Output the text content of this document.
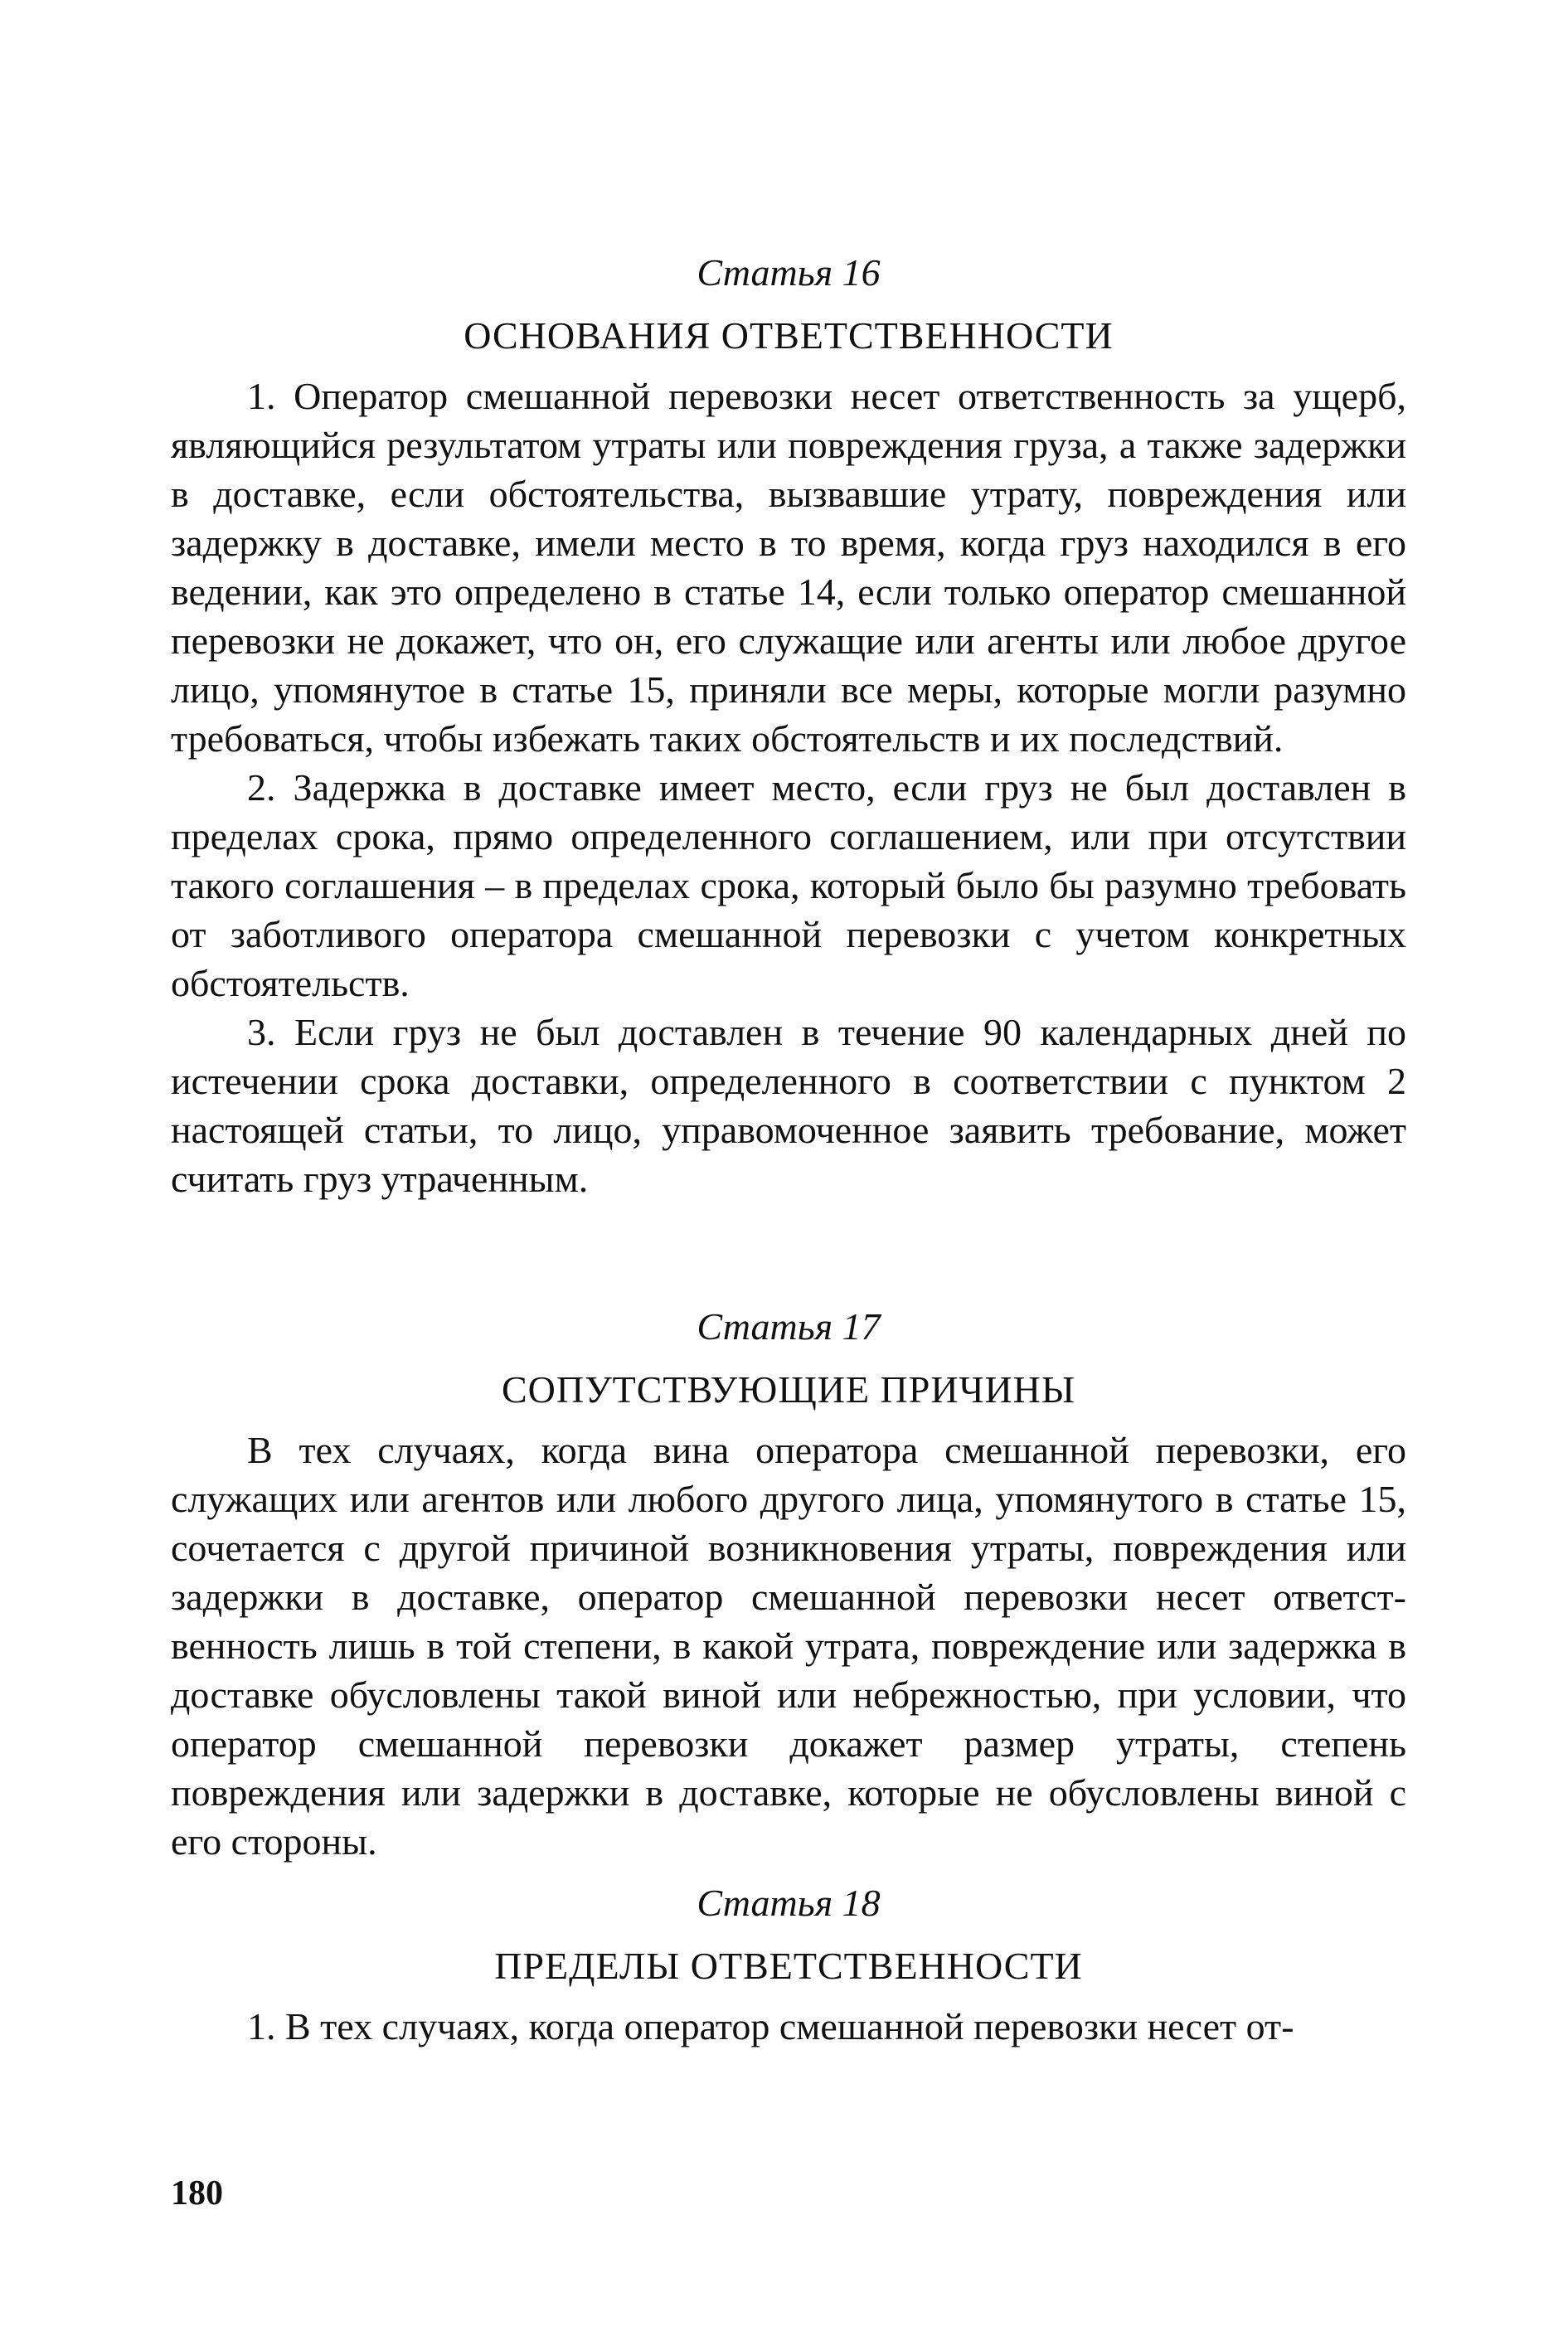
Статья 16

ОСНОВАНИЯ ОТВЕТСТВЕННОСТИ

1. Оператор смешанной перевозки несет ответственность за ущерб, являющийся результатом утраты или повреждения груза, а также задержки в доставке, если обстоятельства, вызвавшие утрату, повреждения или задержку в доставке, имели место в то время, когда груз находился в его ведении, как это определено в статье 14, если только оператор смешанной перевозки не докажет, что он, его служащие или агенты или любое другое лицо, упомянутое в статье 15, приняли все меры, которые могли разумно требоваться, чтобы избежать таких обстоятельств и их последствий.

2. Задержка в доставке имеет место, если груз не был доставлен в пределах срока, прямо определенного соглашением, или при отсутствии такого соглашения – в пределах срока, который было бы разумно требовать от заботливого оператора смешанной перевозки с учетом конкретных обстоятельств.

3. Если груз не был доставлен в течение 90 календарных дней по истечении срока доставки, определенного в соответствии с пунктом 2 настоящей статьи, то лицо, управомоченное заявить требование, может считать груз утраченным.

Статья 17

СОПУТСТВУЮЩИЕ ПРИЧИНЫ

В тех случаях, когда вина оператора смешанной перевозки, его служащих или агентов или любого другого лица, упомянутого в статье 15, сочетается с другой причиной возникновения утраты, повреждения или задержки в доставке, оператор смешанной перевозки несет ответственность лишь в той степени, в какой утрата, повреждение или задержка в доставке обусловлены такой виной или небрежностью, при условии, что оператор смешанной перевозки докажет размер утраты, степень повреждения или задержки в доставке, которые не обусловлены виной с его стороны.

Статья 18

ПРЕДЕЛЫ ОТВЕТСТВЕННОСТИ

1. В тех случаях, когда оператор смешанной перевозки несет от-

180
